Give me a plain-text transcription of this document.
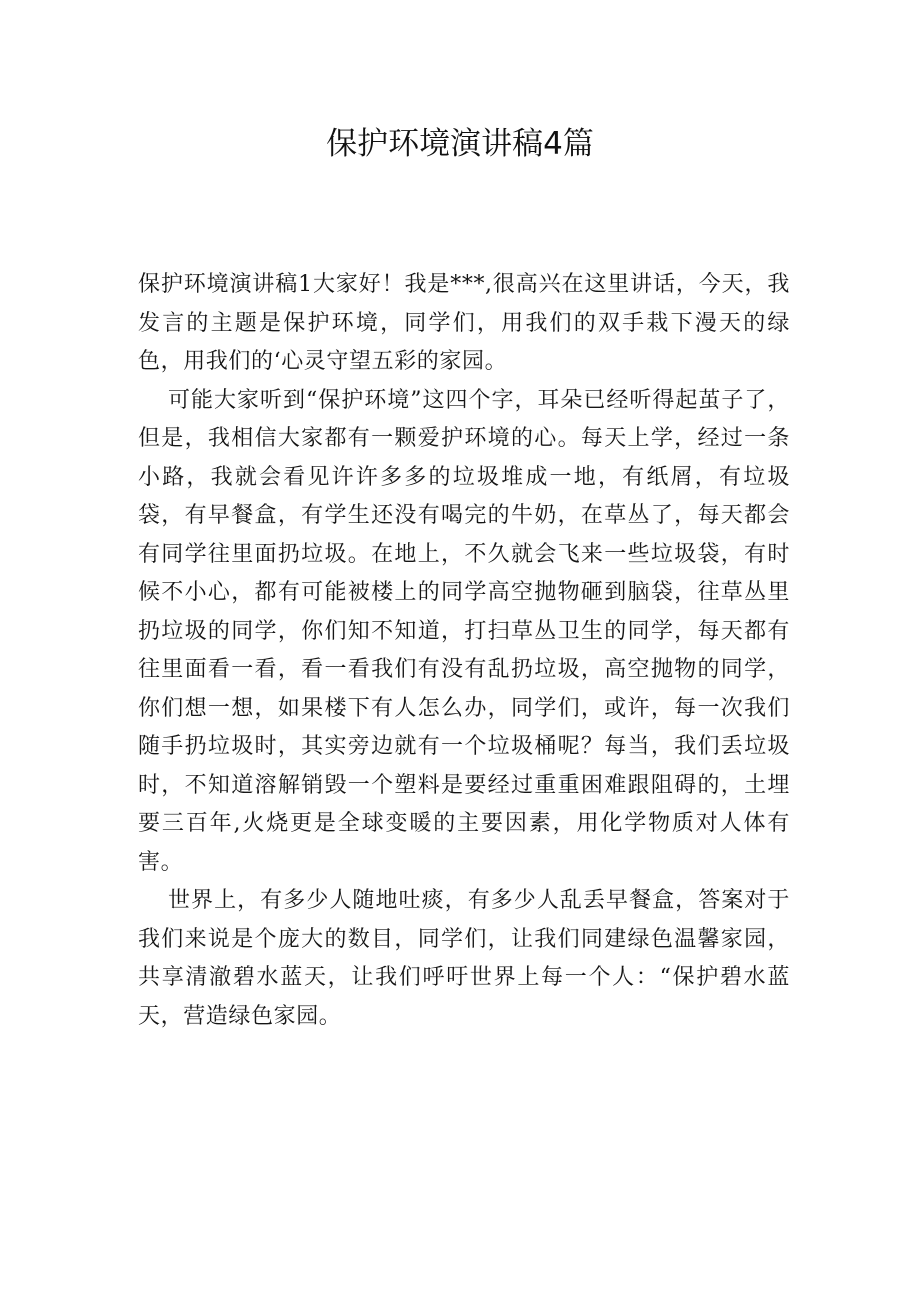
保护环境演讲稿4篇

保护环境演讲稿1大家好！我是***,很高兴在这里讲话，今天，我发言的主题是保护环境，同学们，用我们的双手栽下漫天的绿色，用我们的‘心灵守望五彩的家园。

可能大家听到“保护环境”这四个字，耳朵已经听得起茧子了，但是，我相信大家都有一颗爱护环境的心。每天上学，经过一条小路，我就会看见许许多多的垃圾堆成一地，有纸屑，有垃圾袋，有早餐盒，有学生还没有喝完的牛奶，在草丛了，每天都会有同学往里面扔垃圾。在地上，不久就会飞来一些垃圾袋，有时候不小心，都有可能被楼上的同学高空抛物砸到脑袋，往草丛里扔垃圾的同学，你们知不知道，打扫草丛卫生的同学，每天都有往里面看一看，看一看我们有没有乱扔垃圾，高空抛物的同学，你们想一想，如果楼下有人怎么办，同学们，或许，每一次我们随手扔垃圾时，其实旁边就有一个垃圾桶呢？每当，我们丢垃圾时，不知道溶解销毁一个塑料是要经过重重困难跟阻碍的，土埋要三百年,火烧更是全球变暖的主要因素，用化学物质对人体有害。

世界上，有多少人随地吐痰，有多少人乱丢早餐盒，答案对于我们来说是个庞大的数目，同学们，让我们同建绿色温馨家园，共享清澈碧水蓝天，让我们呼吁世界上每一个人：“保护碧水蓝天，营造绿色家园。
